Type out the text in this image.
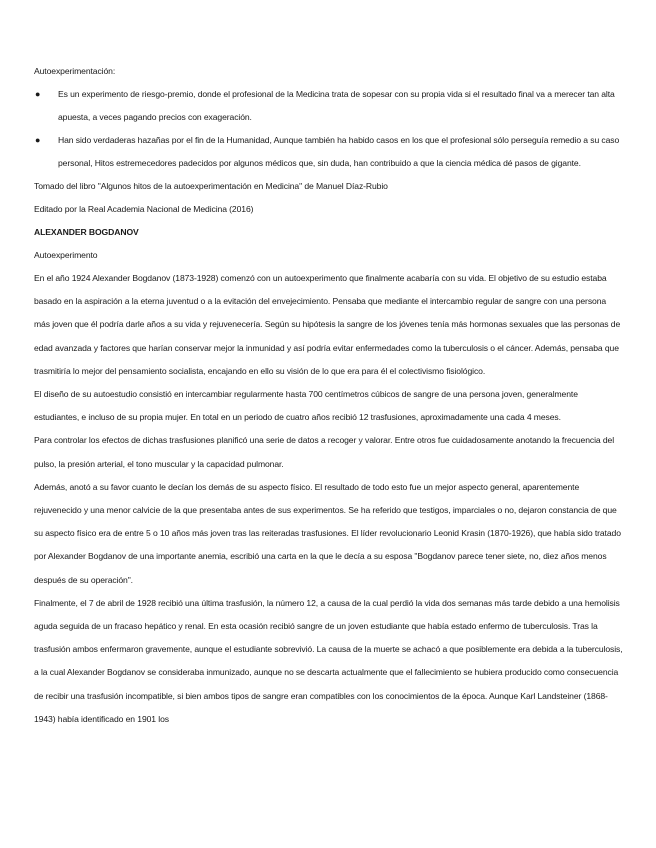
Autoexperimentación:

● Es un experimento de riesgo-premio, donde el profesional de la Medicina trata de sopesar con su propia vida si el resultado final va a merecer tan alta apuesta, a veces pagando precios con exageración.
● Han sido verdaderas hazañas por el fin de la Humanidad, Aunque también ha habido casos en los que el profesional sólo perseguía remedio a su caso personal, Hitos estremecedores padecidos por algunos médicos que, sin duda, han contribuido a que la ciencia médica dé pasos de gigante.

Tomado del libro "Algunos hitos de la autoexperimentación en Medicina" de Manuel Díaz-Rubio

Editado por la Real Academia Nacional de Medicina (2016)

ALEXANDER BOGDANOV

Autoexperimento

En el año 1924 Alexander Bogdanov (1873-1928) comenzó con un autoexperimento que finalmente acabaría con su vida. El objetivo de su estudio estaba basado en la aspiración a la eterna juventud o a la evitación del envejecimiento. Pensaba que mediante el intercambio regular de sangre con una persona más joven que él podría darle años a su vida y rejuvenecería. Según su hipótesis la sangre de los jóvenes tenía más hormonas sexuales que las personas de edad avanzada y factores que harían conservar mejor la inmunidad y así podría evitar enfermedades como la tuberculosis o el cáncer. Además, pensaba que trasmitiría lo mejor del pensamiento socialista, encajando en ello su visión de lo que era para él el colectivismo fisiológico.

El diseño de su autoestudio consistió en intercambiar regularmente hasta 700 centímetros cúbicos de sangre de una persona joven, generalmente estudiantes, e incluso de su propia mujer. En total en un periodo de cuatro años recibió 12 trasfusiones, aproximadamente una cada 4 meses.

Para controlar los efectos de dichas trasfusiones planificó una serie de datos a recoger y valorar. Entre otros fue cuidadosamente anotando la frecuencia del pulso, la presión arterial, el tono muscular y la capacidad pulmonar.

Además, anotó a su favor cuanto le decían los demás de su aspecto físico. El resultado de todo esto fue un mejor aspecto general, aparentemente rejuvenecido y una menor calvicie de la que presentaba antes de sus experimentos. Se ha referido que testigos, imparciales o no, dejaron constancia de que su aspecto físico era de entre 5 o 10 años más joven tras las reiteradas trasfusiones. El líder revolucionario Leonid Krasin (1870-1926), que había sido tratado por Alexander Bogdanov de una importante anemia, escribió una carta en la que le decía a su esposa "Bogdanov parece tener siete, no, diez años menos después de su operación".

Finalmente, el 7 de abril de 1928 recibió una última trasfusión, la número 12, a causa de la cual perdió la vida dos semanas más tarde debido a una hemolisis aguda seguida de un fracaso hepático y renal. En esta ocasión recibió sangre de un joven estudiante que había estado enfermo de tuberculosis. Tras la trasfusión ambos enfermaron gravemente, aunque el estudiante sobrevivió. La causa de la muerte se achacó a que posiblemente era debida a la tuberculosis, a la cual Alexander Bogdanov se consideraba inmunizado, aunque no se descarta actualmente que el fallecimiento se hubiera producido como consecuencia de recibir una trasfusión incompatible, si bien ambos tipos de sangre eran compatibles con los conocimientos de la época. Aunque Karl Landsteiner (1868-1943) había identificado en 1901 los
